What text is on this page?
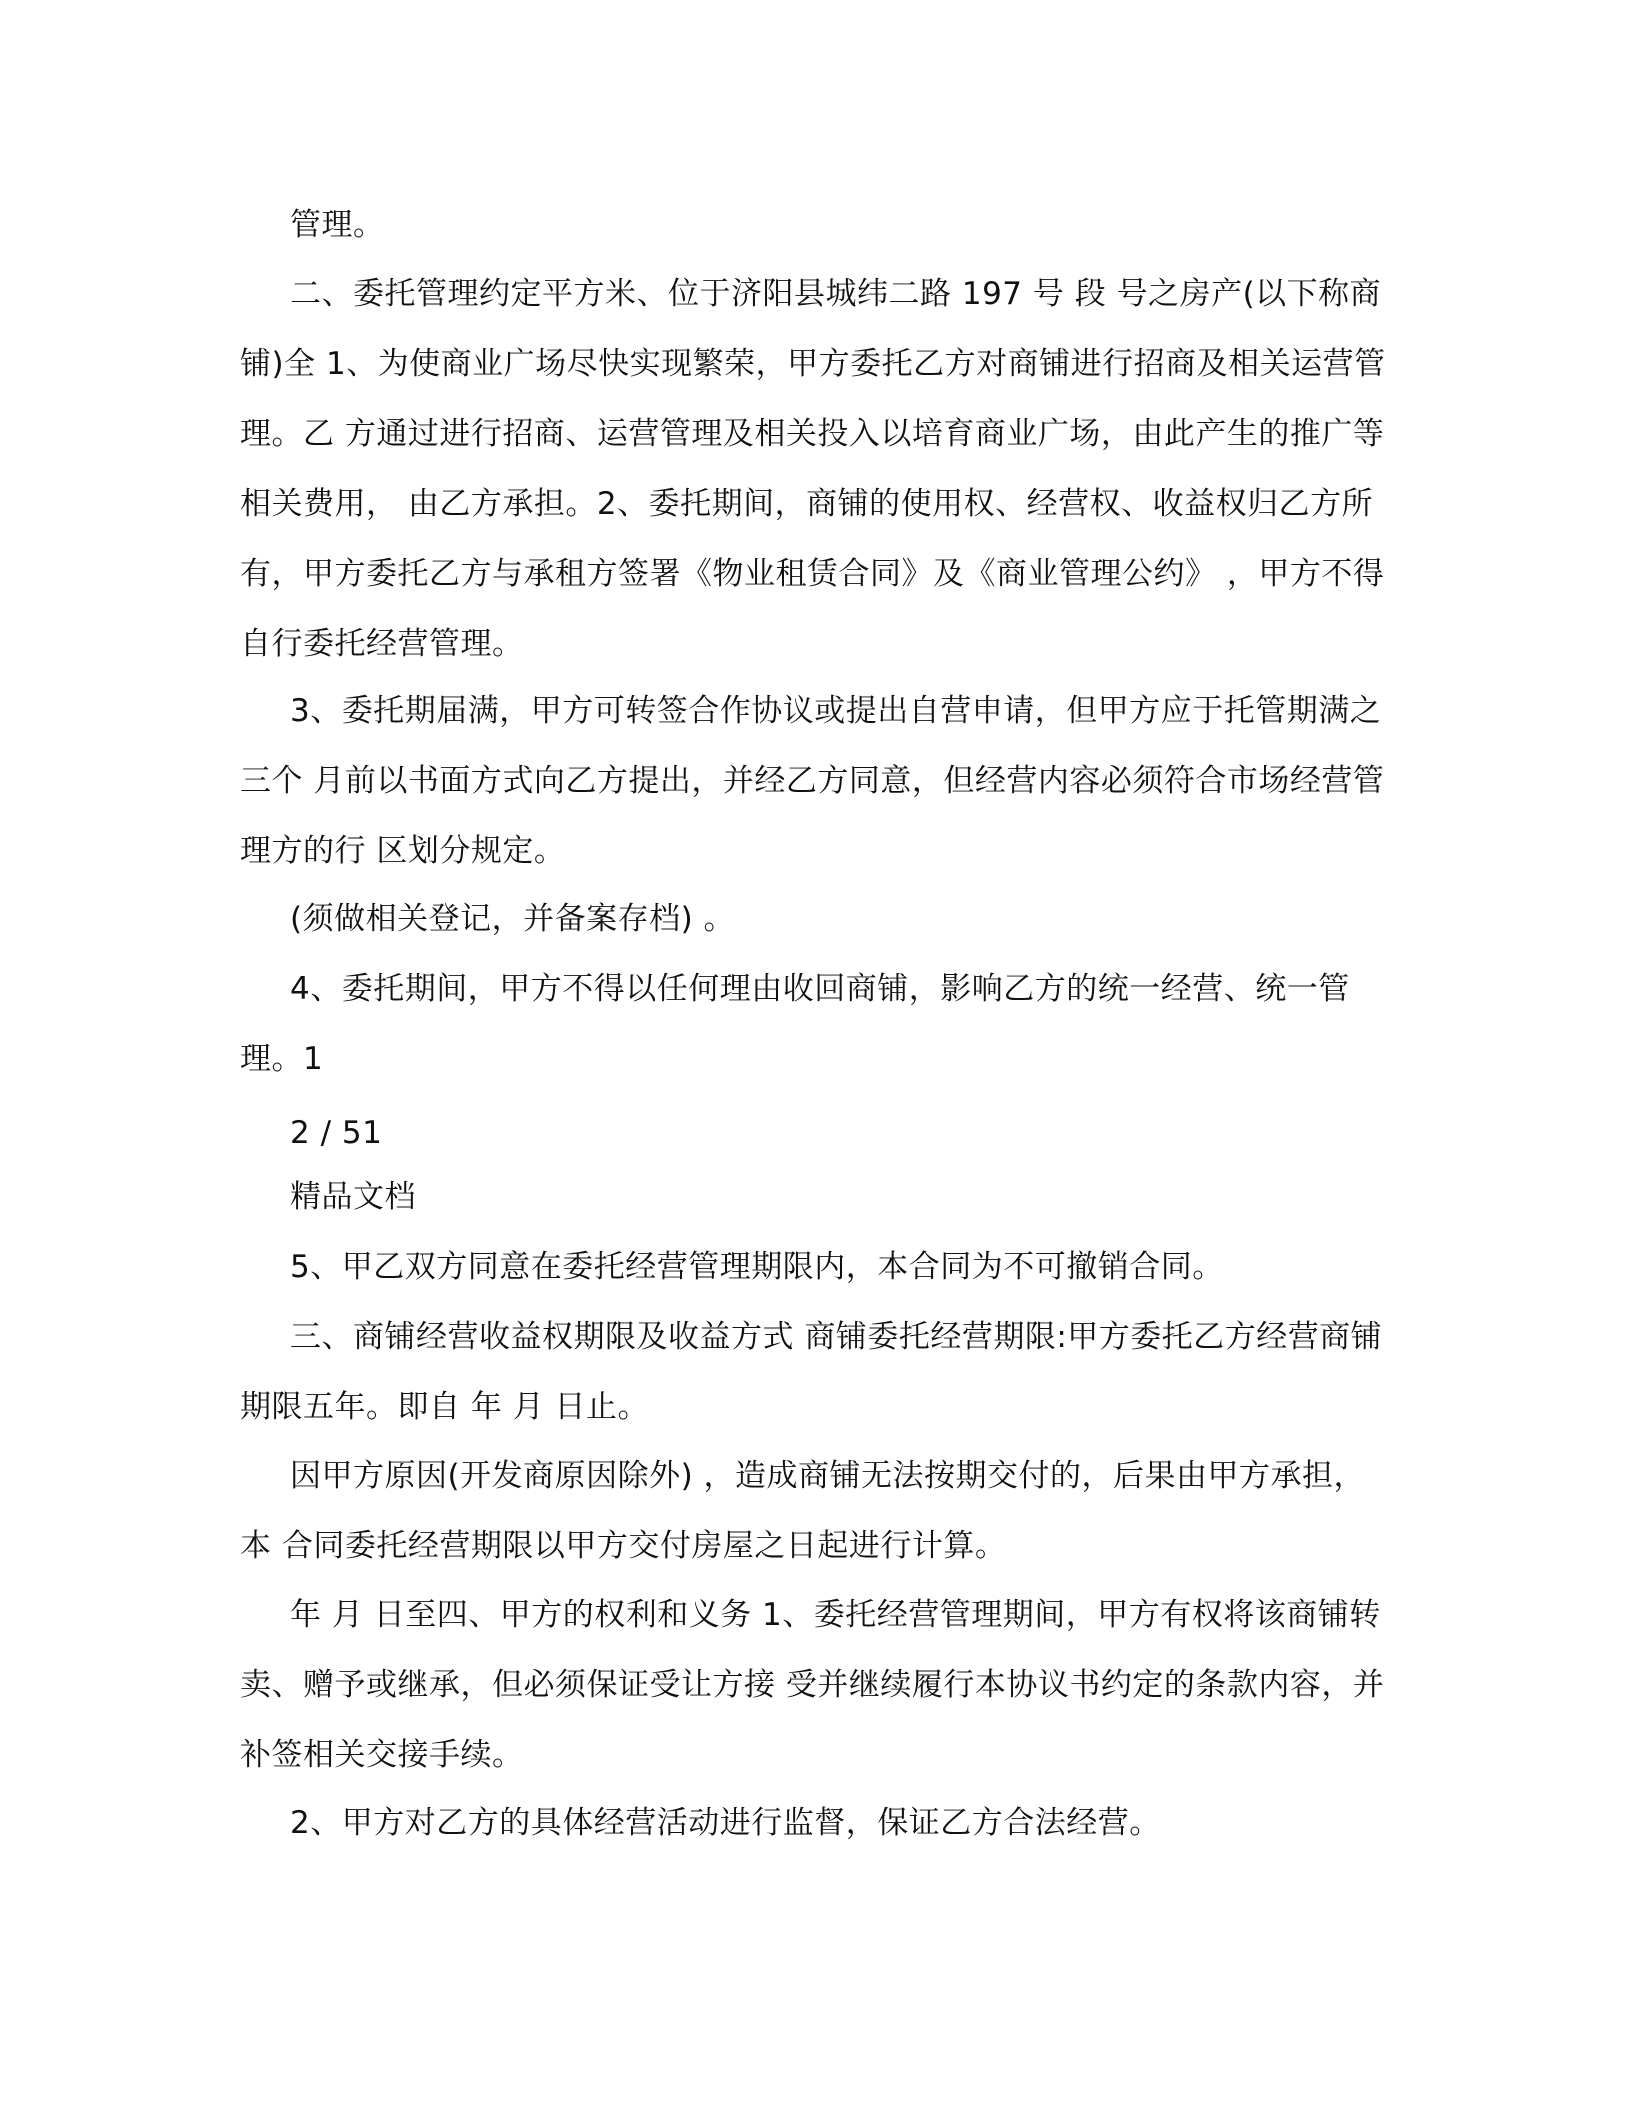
管理。

二、委托管理约定平方米、位于济阳县城纬二路 197 号 段 号之房产(以下称商铺)全 1、为使商业广场尽快实现繁荣，甲方委托乙方对商铺进行招商及相关运营管理。乙 方通过进行招商、运营管理及相关投入以培育商业广场，由此产生的推广等相关费用， 由乙方承担。2、委托期间，商铺的使用权、经营权、收益权归乙方所有，甲方委托乙方与承租方签署《物业租赁合同》及《商业管理公约》 ，甲方不得自行委托经营管理。

3、委托期届满，甲方可转签合作协议或提出自营申请，但甲方应于托管期满之三个 月前以书面方式向乙方提出，并经乙方同意，但经营内容必须符合市场经营管理方的行 区划分规定。

(须做相关登记，并备案存档) 。

4、委托期间，甲方不得以任何理由收回商铺，影响乙方的统一经营、统一管理。1

2 / 51

精品文档

5、甲乙双方同意在委托经营管理期限内，本合同为不可撤销合同。

三、商铺经营收益权期限及收益方式 商铺委托经营期限:甲方委托乙方经营商铺期限五年。即自 年 月 日止。

因甲方原因(开发商原因除外) ，造成商铺无法按期交付的，后果由甲方承担，本 合同委托经营期限以甲方交付房屋之日起进行计算。

年 月 日至四、甲方的权利和义务 1、委托经营管理期间，甲方有权将该商铺转卖、赠予或继承，但必须保证受让方接 受并继续履行本协议书约定的条款内容，并补签相关交接手续。

2、甲方对乙方的具体经营活动进行监督，保证乙方合法经营。
